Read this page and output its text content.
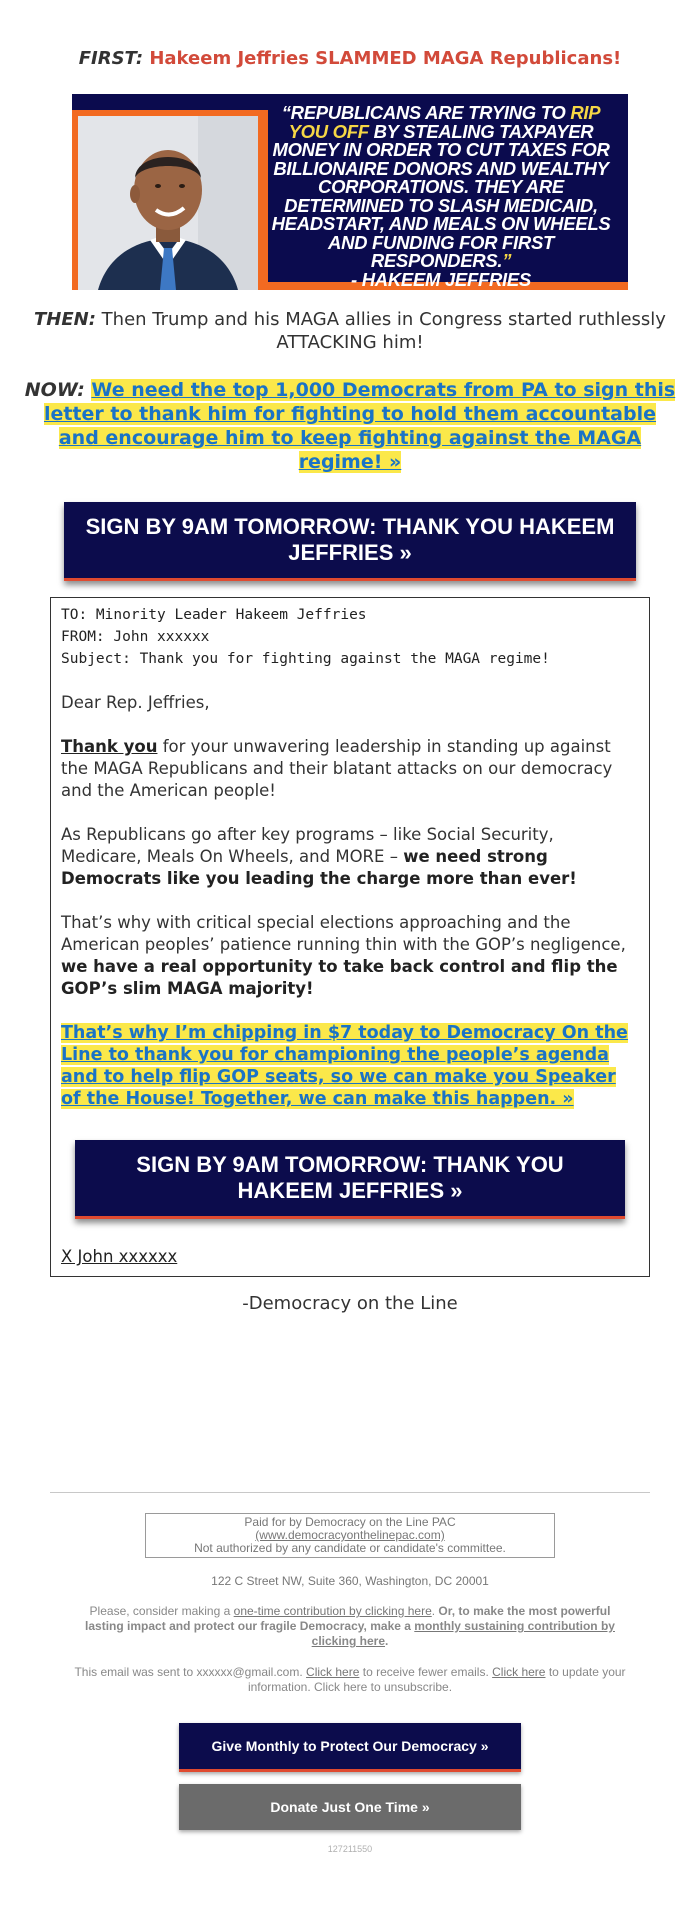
FIRST: Hakeem Jeffries SLAMMED MAGA Republicans!
“REPUBLICANS ARE TRYING TO RIP YOU OFF BY STEALING TAXPAYER MONEY IN ORDER TO CUT TAXES FOR BILLIONAIRE DONORS AND WEALTHY CORPORATIONS. THEY ARE DETERMINED TO SLASH MEDICAID, HEADSTART, AND MEALS ON WHEELS AND FUNDING FOR FIRST RESPONDERS.”
- HAKEEM JEFFRIES
THEN: Then Trump and his MAGA allies in Congress started ruthlessly ATTACKING him!
NOW: We need the top 1,000 Democrats from PA to sign this letter to thank him for fighting to hold them accountable and encourage him to keep fighting against the MAGA regime! »
SIGN BY 9AM TOMORROW: THANK YOU HAKEEM JEFFRIES »
TO: Minority Leader Hakeem Jeffries
FROM: John xxxxxx
Subject: Thank you for fighting against the MAGA regime!

Dear Rep. Jeffries,

Thank you for your unwavering leadership in standing up against the MAGA Republicans and their blatant attacks on our democracy and the American people!

As Republicans go after key programs – like Social Security, Medicare, Meals On Wheels, and MORE – we need strong Democrats like you leading the charge more than ever!

That’s why with critical special elections approaching and the American peoples’ patience running thin with the GOP’s negligence, we have a real opportunity to take back control and flip the GOP’s slim MAGA majority!

That’s why I’m chipping in $7 today to Democracy On the Line to thank you for championing the people’s agenda and to help flip GOP seats, so we can make you Speaker of the House! Together, we can make this happen. »

SIGN BY 9AM TOMORROW: THANK YOU HAKEEM JEFFRIES »
X John xxxxxx
-Democracy on the Line
Paid for by Democracy on the Line PAC
(www.democracyonthelinepac.com)
Not authorized by any candidate or candidate's committee.
122 C Street NW, Suite 360, Washington, DC 20001

Please, consider making a one-time contribution by clicking here. Or, to make the most powerful lasting impact and protect our fragile Democracy, make a monthly sustaining contribution by clicking here.

This email was sent to xxxxxx@gmail.com. Click here to receive fewer emails. Click here to update your information. Click here to unsubscribe.

Give Monthly to Protect Our Democracy »
Donate Just One Time »
127211550
